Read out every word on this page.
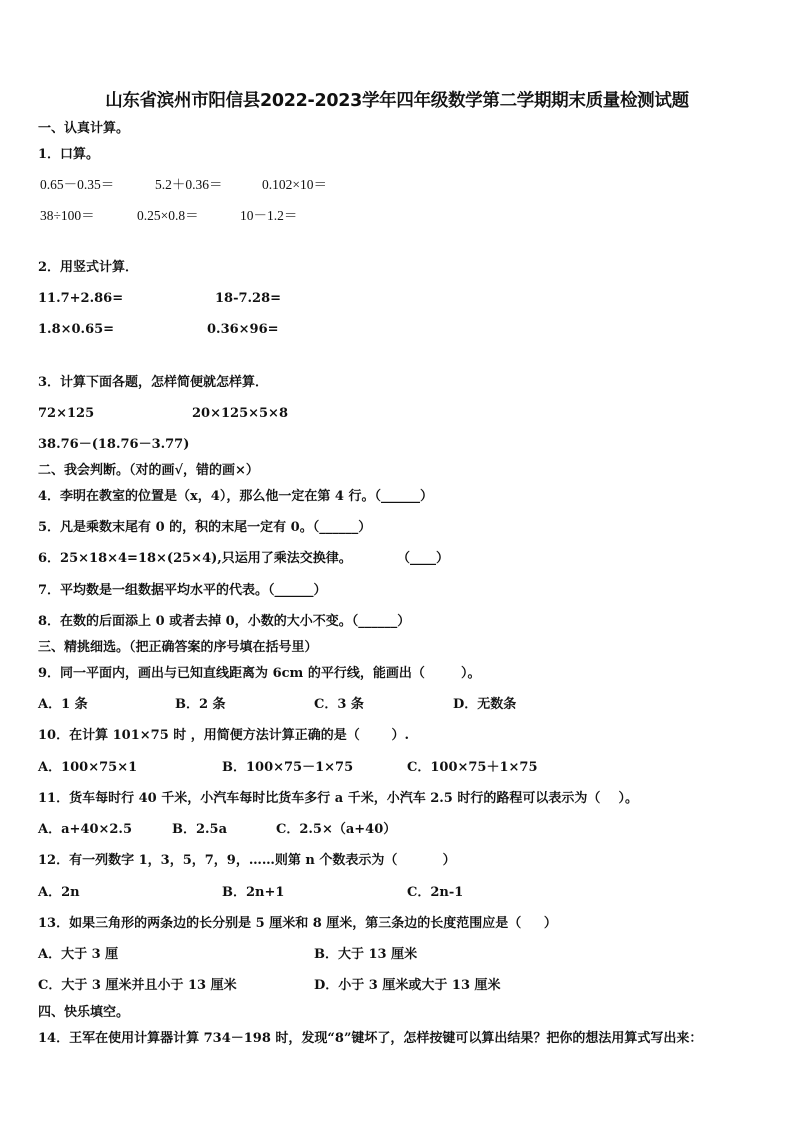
山东省滨州市阳信县2022-2023学年四年级数学第二学期期末质量检测试题
一、认真计算。
1．口算。
0.65－0.35＝	5.2＋0.36＝	0.102×10＝
38÷100＝	0.25×0.8＝	10－1.2＝
2．用竖式计算．
11.7+2.86=	18-7.28=
1.8×0.65=	0.36×96=
3．计算下面各题，怎样简便就怎样算．
72×125	20×125×5×8
38.76－(18.76－3.77)
二、我会判断。（对的画√，错的画×）
4．李明在教室的位置是（x，4），那么他一定在第 4 行。（______）
5．凡是乘数末尾有 0 的，积的末尾一定有 0。（______）
6．25×18×4=18×(25×4),只运用了乘法交换律。          （____）
7．平均数是一组数据平均水平的代表。（______）
8．在数的后面添上 0 或者去掉 0，小数的大小不变。（______）
三、精挑细选。（把正确答案的序号填在括号里）
9．同一平面内，画出与已知直线距离为 6cm 的平行线，能画出（        ）。
A．1 条	B．2 条	C．3 条	D．无数条
10．在计算 101×75 时 ，用简便方法计算正确的是（       ）.
A．100×75×1	B．100×75－1×75	C．100×75＋1×75
11．货车每时行 40 千米，小汽车每时比货车多行 a 千米，小汽车 2.5 时行的路程可以表示为（    ）。
A．a+40×2.5	B．2.5a	C．2.5×（a+40）
12．有一列数字 1，3，5，7，9，……则第 n 个数表示为（          ）
A．2n	B．2n+1	C．2n-1
13．如果三角形的两条边的长分别是 5 厘米和 8 厘米，第三条边的长度范围应是（     ）
A．大于 3 厘	B．大于 13 厘米
C．大于 3 厘米并且小于 13 厘米	D．小于 3 厘米或大于 13 厘米
四、快乐填空。
14．王军在使用计算器计算 734－198 时，发现“8”键坏了，怎样按键可以算出结果？把你的想法用算式写出来：
